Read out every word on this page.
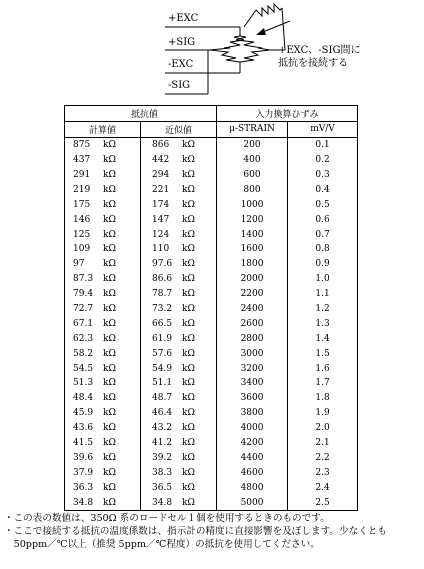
+EXC
+SIG
-EXC
-SIG
+EXC、-SIG間に
抵抗を接続する
抵抗値		入力換算ひずみ	
計算値	近似値	μ-STRAIN	mV/V
875 kΩ	866 kΩ	200	0.1
437 kΩ	442 kΩ	400	0.2
291 kΩ	294 kΩ	600	0.3
219 kΩ	221 kΩ	800	0.4
175 kΩ	174 kΩ	1000	0.5
146 kΩ	147 kΩ	1200	0.6
125 kΩ	124 kΩ	1400	0.7
109 kΩ	110 kΩ	1600	0.8
97 kΩ	97.6 kΩ	1800	0.9
87.3 kΩ	86.6 kΩ	2000	1.0
79.4 kΩ	78.7 kΩ	2200	1.1
72.7 kΩ	73.2 kΩ	2400	1.2
67.1 kΩ	66.5 kΩ	2600	1.3
62.3 kΩ	61.9 kΩ	2800	1.4
58.2 kΩ	57.6 kΩ	3000	1.5
54.5 kΩ	54.9 kΩ	3200	1.6
51.3 kΩ	51.1 kΩ	3400	1.7
48.4 kΩ	48.7 kΩ	3600	1.8
45.9 kΩ	46.4 kΩ	3800	1.9
43.6 kΩ	43.2 kΩ	4000	2.0
41.5 kΩ	41.2 kΩ	4200	2.1
39.6 kΩ	39.2 kΩ	4400	2.2
37.9 kΩ	38.3 kΩ	4600	2.3
36.3 kΩ	36.5 kΩ	4800	2.4
34.8 kΩ	34.8 kΩ	5000	2.5

・この表の数値は、350Ω 系のロードセル１個を使用するときのものです。

・ここで接続する抵抗の温度係数は、指示計の精度に直接影響を及ぼします。少なくとも

　50ppm／℃以上（推奨 5ppm／℃程度）の抵抗を使用してください。
